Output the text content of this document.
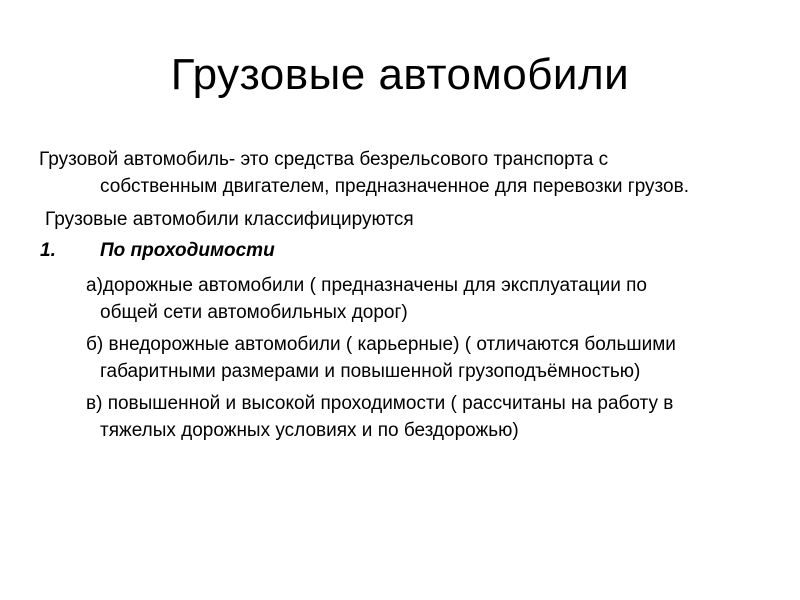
Грузовые автомобили

Грузовой автомобиль- это средства безрельсового транспорта с собственным двигателем, предназначенное для перевозки грузов.

Грузовые автомобили классифицируются

1. По проходимости

а)дорожные автомобили ( предназначены для эксплуатации по общей сети автомобильных дорог)

б) внедорожные автомобили ( карьерные) ( отличаются большими габаритными размерами и повышенной грузоподъёмностью)

в) повышенной и высокой проходимости ( рассчитаны на работу в тяжелых дорожных условиях и по бездорожью)
